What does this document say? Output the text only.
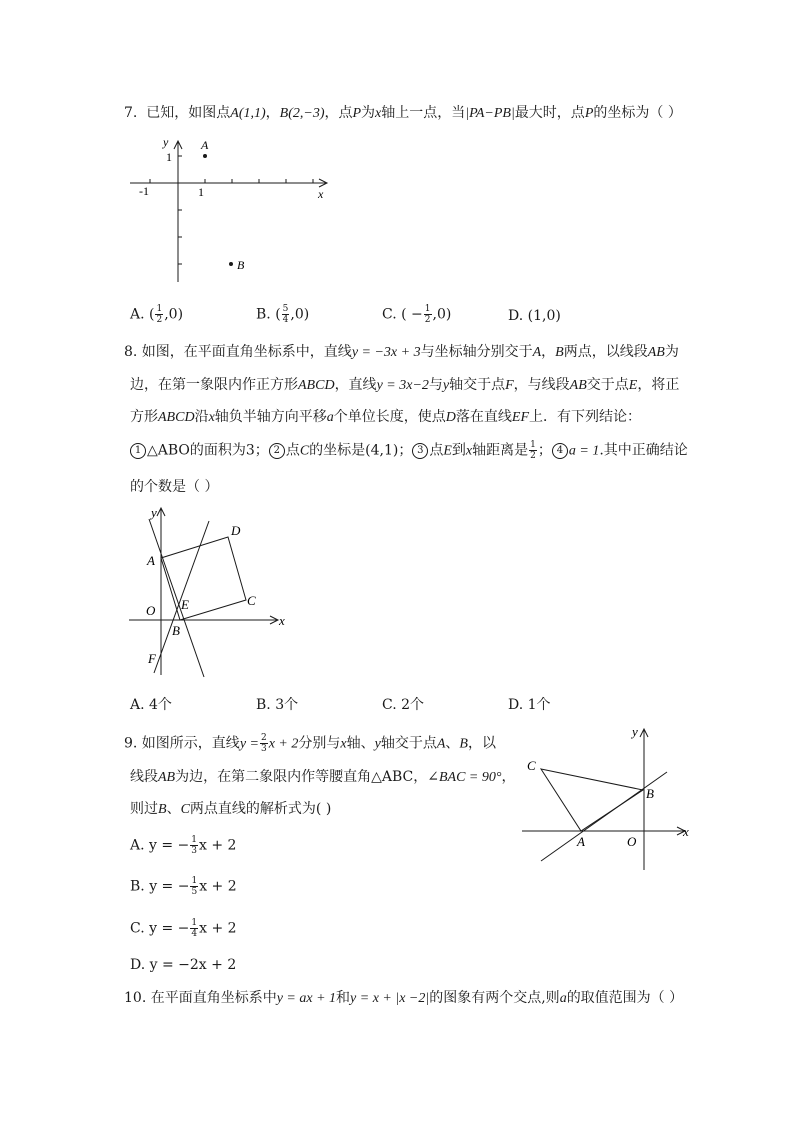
7. 已知，如图点A(1,1)，B(2,−3)，点P为x轴上一点，当|PA−PB|最大时，点P的坐标为（ ）
y
x
1
-1	1
A
B
A. ( $\frac{1}{2} ,0$)	B. ( $\frac{5}{4} ,0$)	C. ( − $\frac{1}{2} ,0$)	D. (1,0)
8. 如图，在平面直角坐标系中，直线y = −3x + 3与坐标轴分别交于A，B两点，以线段AB为
边，在第一象限内作正方形ABCD，直线y = 3x−2与y轴交于点F，与线段AB交于点E，将正
方形ABCD沿x轴负半轴方向平移a个单位长度，使点D落在直线EF上．有下列结论：
1 △ABO的面积为3； 2 点C的坐标是(4,1)； 3 点E到x轴距离是 $\frac{1}{2}$ ； 4 a = 1.其中正确结论
的个数是（ ）
y
x
A
D
O E	C
B
F
A. 4个	B. 3个	C. 2个	D. 1个
9. 如图所示，直线$y = \frac{2}{3}$ x + 2分别与x轴、y轴交于点A、B，以
线段AB为边，在第二象限内作等腰直角△ABC，∠BAC = 90°，
则过B、C两点直线的解析式为( )
A. y = − $\frac{1}{3}$ x + 2
B. y = − $\frac{1}{5}$ x + 2
C. y = − $\frac{1}{4}$ x + 2
D. y = −2x + 2
y
x
C
B
A	O
10. 在平面直角坐标系中y = ax + 1和y = x + |x −2|的图象有两个交点,则a的取值范围为（ ）
